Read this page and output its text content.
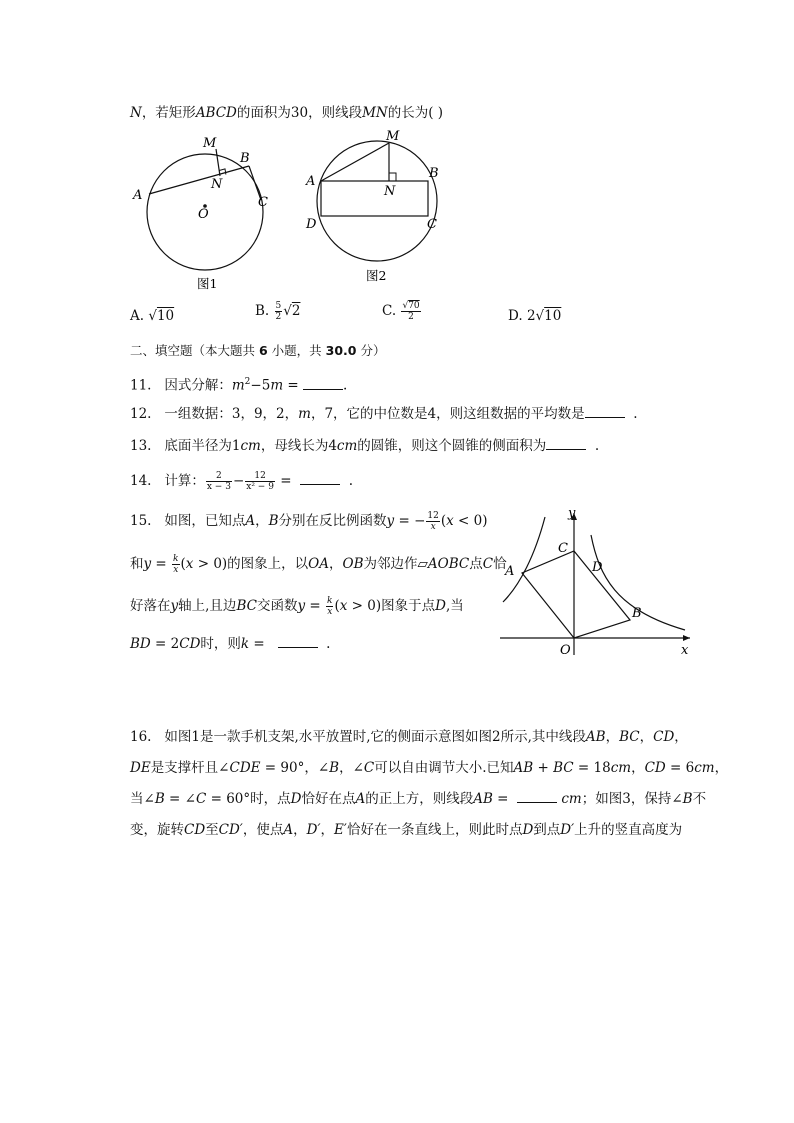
N，若矩形ABCD的面积为30，则线段MN的长为( )
M
B
A
N
O
C
图1
M
A
B
N
D	C
图2
A. √10	B. $\frac{5}{2} √2$	C. $\frac{√70}{2}$	D. 2√10
二、填空题（本大题共 6 小题，共 30.0 分）
11. 因式分解：$m^2-5m$ =	.
12. 一组数据：3，9，2，m，7，它的中位数是4，则这组数据的平均数是	.
13. 底面半径为1cm，母线长为4cm的圆锥，则这个圆锥的侧面积为	.
14. 计算： $\frac{2}{x - 3} - \frac{12}{\text{x² − 9}}$ =	.
15. 如图，已知点A，B分别在反比例函数y = − $\frac{12}{x} (x < 0)$
和$y = \frac{k}{x} (x > 0)$的图象上，以OA，OB为邻边作▱AOBC点C恰
好落在y轴上,且边BC交函数$y = \frac{k}{x} (x > 0)$图象于点D,当
BD = 2CD时，则k =	.
y
C
A	D
B
O	x
16. 如图1是一款手机支架,水平放置时,它的侧面示意图如图2所示,其中线段AB，BC，CD，
DE是支撑杆且∠CDE = 90°，∠B，∠C可以自由调节大小.已知AB + BC = 18cm，CD = 6cm，
当∠B = ∠C = 60°时，点D恰好在点A的正上方，则线段AB =	cm；如图3，保持∠B不
变，旋转CD至CD′，使点A，D′，E′恰好在一条直线上，则此时点D到点D′上升的竖直高度为
